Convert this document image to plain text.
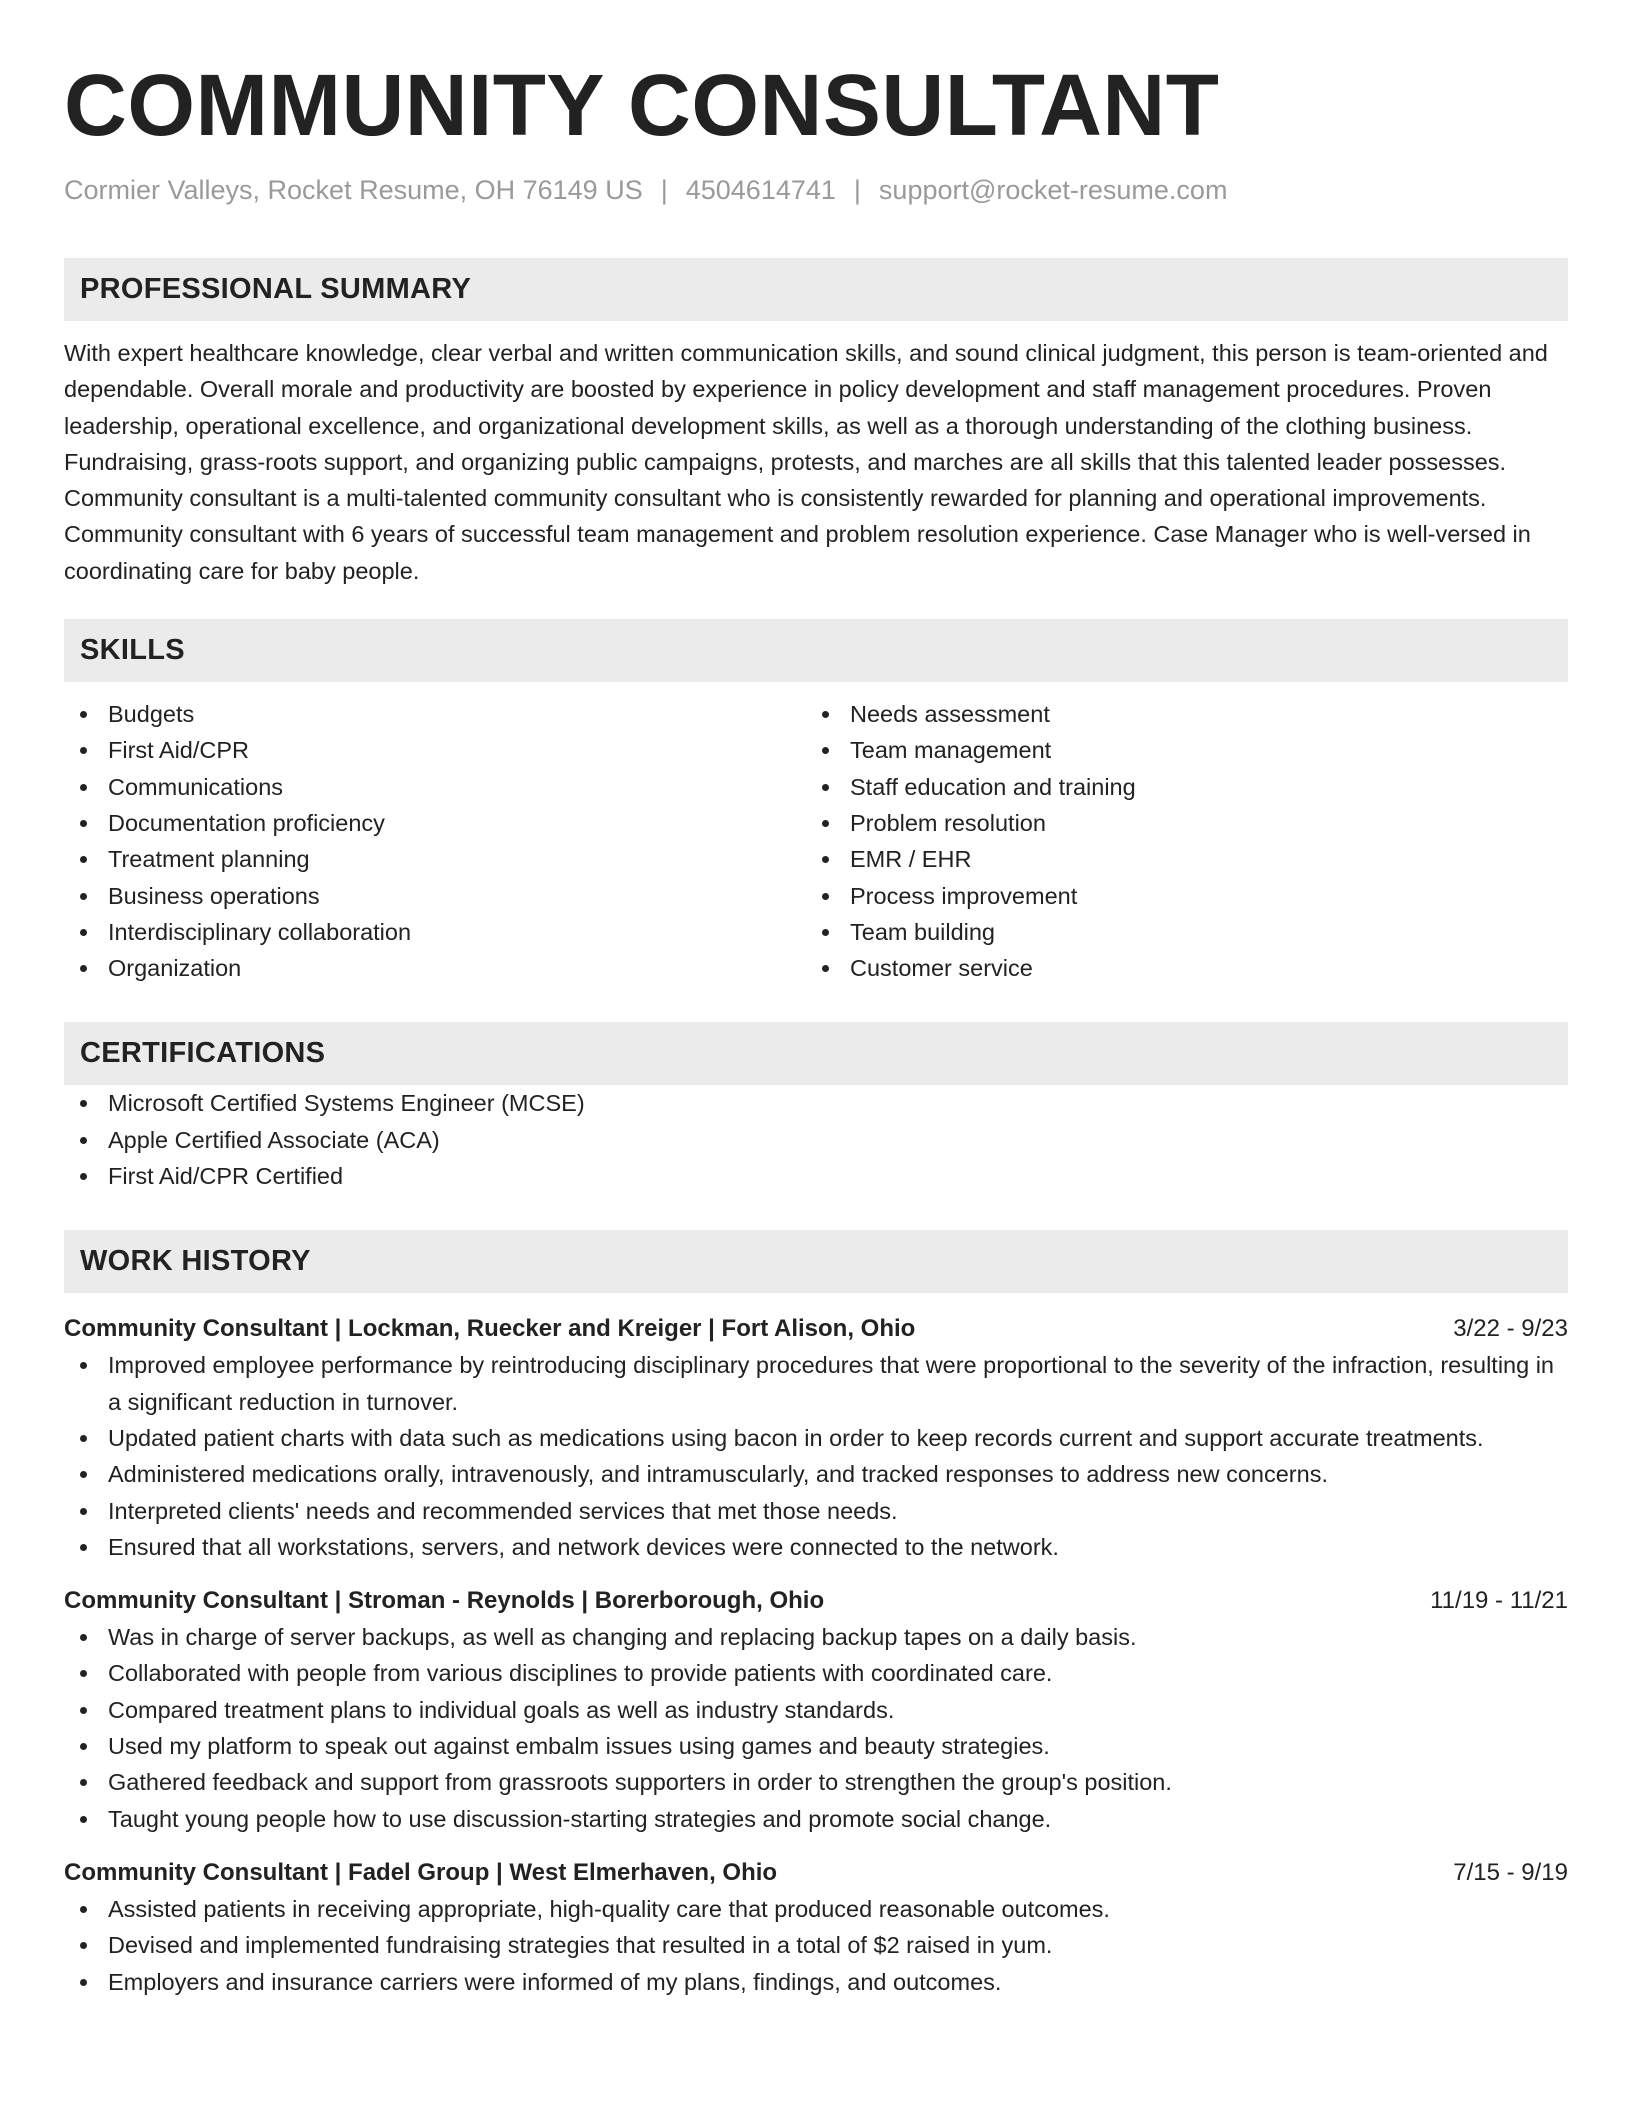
COMMUNITY CONSULTANT
Cormier Valleys, Rocket Resume, OH 76149 US | 4504614741 | support@rocket-resume.com
PROFESSIONAL SUMMARY

With expert healthcare knowledge, clear verbal and written communication skills, and sound clinical judgment, this person is team-oriented and dependable. Overall morale and productivity are boosted by experience in policy development and staff management procedures. Proven leadership, operational excellence, and organizational development skills, as well as a thorough understanding of the clothing business. Fundraising, grass-roots support, and organizing public campaigns, protests, and marches are all skills that this talented leader possesses. Community consultant is a multi-talented community consultant who is consistently rewarded for planning and operational improvements. Community consultant with 6 years of successful team management and problem resolution experience. Case Manager who is well-versed in coordinating care for baby people.

SKILLS
Budgets
First Aid/CPR
Communications
Documentation proficiency
Treatment planning
Business operations
Interdisciplinary collaboration
Organization
Needs assessment
Team management
Staff education and training
Problem resolution
EMR / EHR
Process improvement
Team building
Customer service
CERTIFICATIONS
Microsoft Certified Systems Engineer (MCSE)
Apple Certified Associate (ACA)
First Aid/CPR Certified
WORK HISTORY
Community Consultant | Lockman, Ruecker and Kreiger | Fort Alison, Ohio	3/22 - 9/23
Improved employee performance by reintroducing disciplinary procedures that were proportional to the severity of the infraction, resulting in a significant reduction in turnover.
Updated patient charts with data such as medications using bacon in order to keep records current and support accurate treatments.
Administered medications orally, intravenously, and intramuscularly, and tracked responses to address new concerns.
Interpreted clients' needs and recommended services that met those needs.
Ensured that all workstations, servers, and network devices were connected to the network.
Community Consultant | Stroman - Reynolds | Borerborough, Ohio	11/19 - 11/21
Was in charge of server backups, as well as changing and replacing backup tapes on a daily basis.
Collaborated with people from various disciplines to provide patients with coordinated care.
Compared treatment plans to individual goals as well as industry standards.
Used my platform to speak out against embalm issues using games and beauty strategies.
Gathered feedback and support from grassroots supporters in order to strengthen the group's position.
Taught young people how to use discussion-starting strategies and promote social change.
Community Consultant | Fadel Group | West Elmerhaven, Ohio	7/15 - 9/19
Assisted patients in receiving appropriate, high-quality care that produced reasonable outcomes.
Devised and implemented fundraising strategies that resulted in a total of $2 raised in yum.
Employers and insurance carriers were informed of my plans, findings, and outcomes.
